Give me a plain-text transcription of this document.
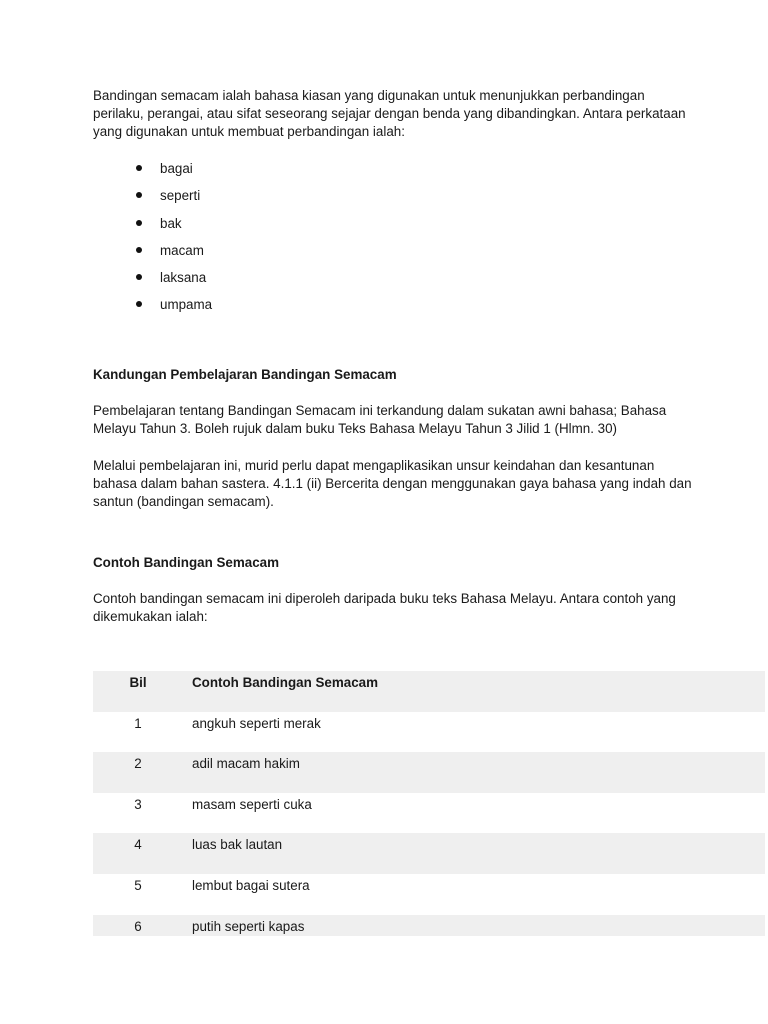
Bandingan semacam ialah bahasa kiasan yang digunakan untuk menunjukkan perbandingan perilaku, perangai, atau sifat seseorang sejajar dengan benda yang dibandingkan. Antara perkataan yang digunakan untuk membuat perbandingan ialah:

bagai
seperti
bak
macam
laksana
umpama
Kandungan Pembelajaran Bandingan Semacam

Pembelajaran tentang Bandingan Semacam ini terkandung dalam sukatan awni bahasa; Bahasa Melayu Tahun 3. Boleh rujuk dalam buku Teks Bahasa Melayu Tahun 3 Jilid 1 (Hlmn. 30)

Melalui pembelajaran ini, murid perlu dapat mengaplikasikan unsur keindahan dan kesantunan bahasa dalam bahan sastera. 4.1.1 (ii) Bercerita dengan menggunakan gaya bahasa yang indah dan santun (bandingan semacam).

Contoh Bandingan Semacam

Contoh bandingan semacam ini diperoleh daripada buku teks Bahasa Melayu. Antara contoh yang dikemukakan ialah:

Bil	Contoh Bandingan Semacam
1	angkuh seperti merak
2	adil macam hakim
3	masam seperti cuka
4	luas bak lautan
5	lembut bagai sutera
6	putih seperti kapas
